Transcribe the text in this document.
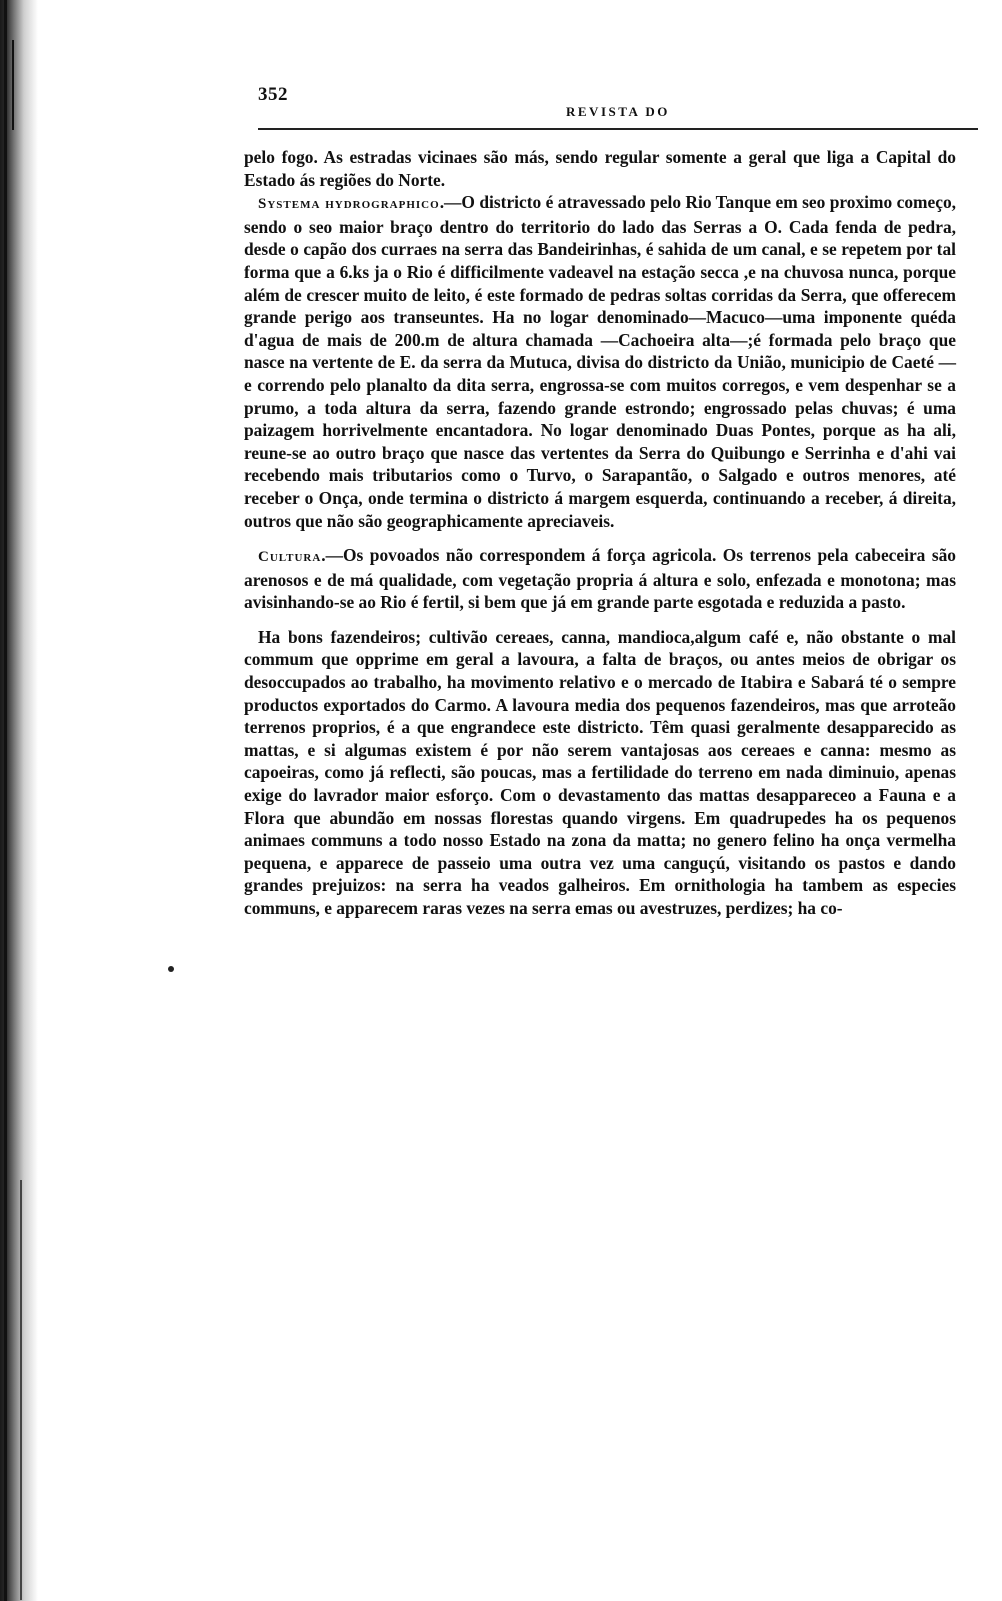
352
REVISTA DO

pelo fogo. As estradas vicinaes são más, sendo regular somente a geral que liga a Capital do Estado ás regiões do Norte.

Systema hydrographico.—O districto é atravessado pelo Rio Tanque em seo proximo começo, sendo o seo maior braço dentro do territorio do lado das Serras a O. Cada fenda de pedra, desde o capão dos curraes na serra das Bandeirinhas, é sahida de um canal, e se repetem por tal forma que a 6.ks ja o Rio é difficilmente vadeavel na estação secca ,e na chuvosa nunca, porque além de crescer muito de leito, é este formado de pedras soltas corridas da Serra, que offerecem grande perigo aos transeuntes. Ha no logar denominado—Macuco—uma imponente quéda d'agua de mais de 200.m de altura chamada —Cachoeira alta—;é formada pelo braço que nasce na vertente de E. da serra da Mutuca, divisa do districto da União, municipio de Caeté —e correndo pelo planalto da dita serra, engrossa-se com muitos corregos, e vem despenhar se a prumo, a toda altura da serra, fazendo grande estrondo; engrossado pelas chuvas; é uma paizagem horrivelmente encantadora. No logar denominado Duas Pontes, porque as ha ali, reune-se ao outro braço que nasce das vertentes da Serra do Quibungo e Serrinha e d'ahi vai recebendo mais tributarios como o Turvo, o Sarapantão, o Salgado e outros menores, até receber o Onça, onde termina o districto á margem esquerda, continuando a receber, á direita, outros que não são geographicamente apreciaveis.

Cultura.—Os povoados não correspondem á força agricola. Os terrenos pela cabeceira são arenosos e de má qualidade, com vegetação propria á altura e solo, enfezada e monotona; mas avisinhando-se ao Rio é fertil, si bem que já em grande parte esgotada e reduzida a pasto.

Ha bons fazendeiros; cultivão cereaes, canna, mandioca,algum café e, não obstante o mal commum que opprime em geral a lavoura, a falta de braços, ou antes meios de obrigar os desoccupados ao trabalho, ha movimento relativo e o mercado de Itabira e Sabará té o sempre productos exportados do Carmo. A lavoura media dos pequenos fazendeiros, mas que arroteão terrenos proprios, é a que engrandece este districto. Têm quasi geralmente desapparecido as mattas, e si algumas existem é por não serem vantajosas aos cereaes e canna: mesmo as capoeiras, como já reflecti, são poucas, mas a fertilidade do terreno em nada diminuio, apenas exige do lavrador maior esforço. Com o devastamento das mattas desappareceo a Fauna e a Flora que abundão em nossas florestas quando virgens. Em quadrupedes ha os pequenos animaes communs a todo nosso Estado na zona da matta; no genero felino ha onça vermelha pequena, e apparece de passeio uma outra vez uma canguçú, visitando os pastos e dando grandes prejuizos: na serra ha veados galheiros. Em ornithologia ha tambem as especies communs, e apparecem raras vezes na serra emas ou avestruzes, perdizes; ha co-
